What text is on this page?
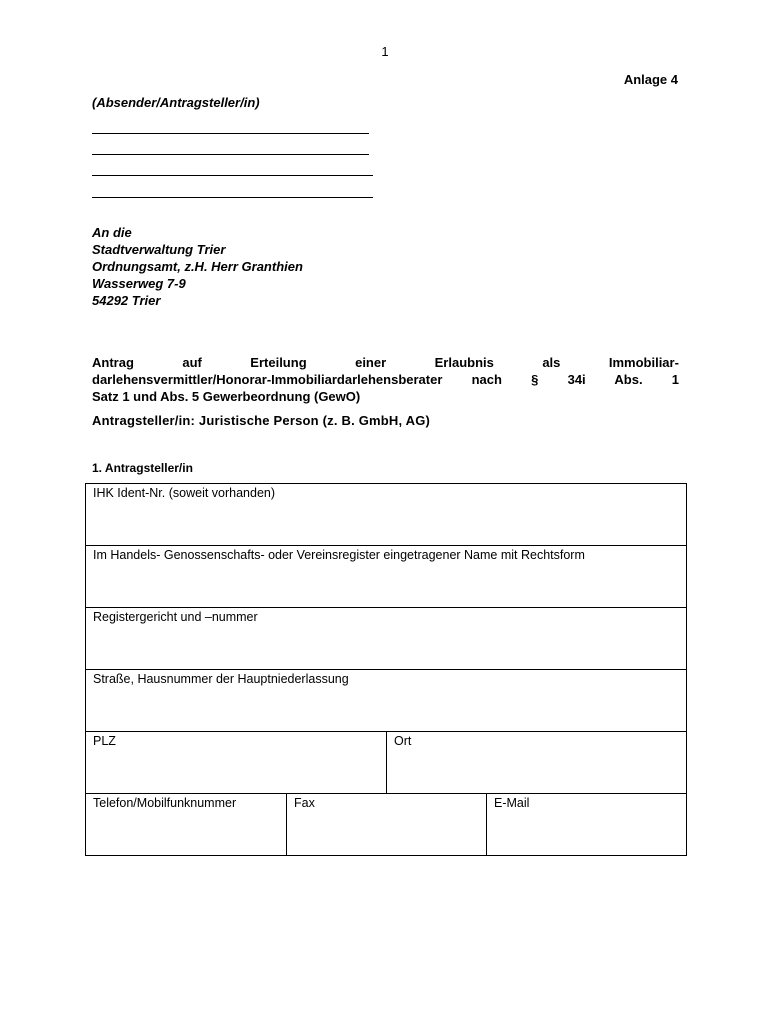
1
Anlage 4
(Absender/Antragsteller/in)
An die
Stadtverwaltung Trier
Ordnungsamt, z.H. Herr Granthien
Wasserweg 7-9
54292 Trier
Antrag	auf	Erteilung	einer	Erlaubnis	als	Immobiliar-
darlehensvermittler/Honorar-Immobiliardarlehensberater nach § 34i Abs. 1
Satz 1 und Abs. 5 Gewerbeordnung (GewO)
Antragsteller/in: Juristische Person (z. B. GmbH, AG)
1. Antragsteller/in
IHK Ident-Nr. (soweit vorhanden)			

Im Handels- Genossenschafts- oder Vereinsregister eingetragener Name mit Rechtsform			

Registergericht und –nummer			

Straße, Hausnummer der Hauptniederlassung			

PLZ		Ort	

Telefon/Mobilfunknummer	Fax		E-Mail
